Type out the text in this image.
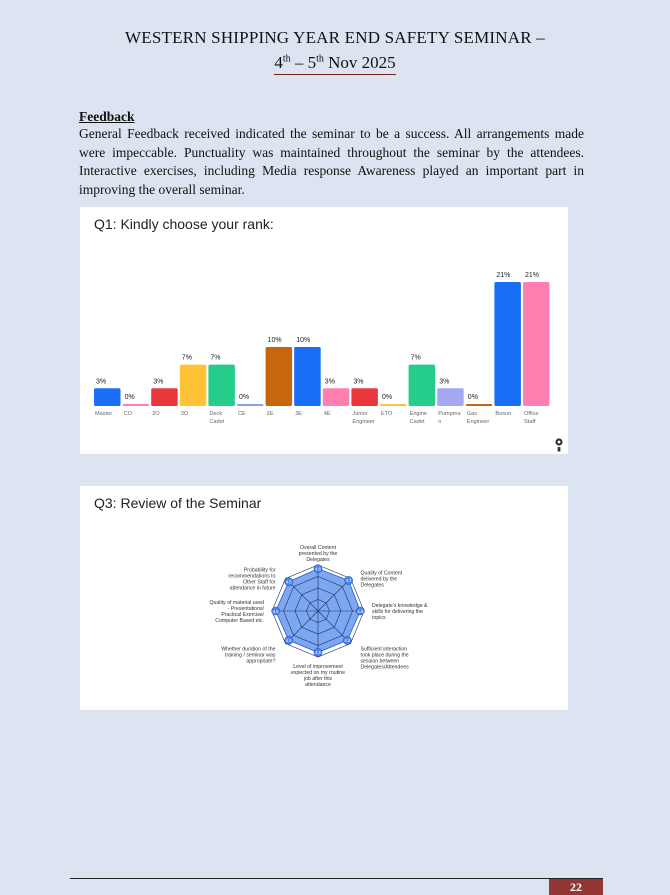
WESTERN SHIPPING YEAR END SAFETY SEMINAR –
4th – 5th Nov 2025
Feedback
General Feedback received indicated the seminar to be a success. All arrangements made were impeccable. Punctuality was maintained throughout the seminar by the attendees. Interactive exercises, including Media response Awareness played an important part in improving the overall seminar.
Q1: Kindly choose your rank:
3%
Master
0%
CO
3%
2O
7%
3O
7%
Deck
Cadet
0%
CE
10%
2E
10%
3E
3%
4E
3%
Junior
Engineer
0%
ETO
7%
Engine
Cadet
3%
Pumpma
n
0%
Gas
Engineer
21%
Bosun
21%
Office
Staff
Q3: Review of the Seminar
4.6
4.7
4.6
4.5
4.5
4.5
4.6
4.5
Overall Content
presented by the
Delegates
Quality of Content
delivered by the
Delegates
Delegate's knowledge &
skills for delivering the
topics
Sufficient interaction
took place during the
session between
Delegates/Attendees
Level of improvement
expected on my routine
job after this
attendance
Whether duration of the
training / seminar was
appropriate?
Quality of material used
- Presentations/
Practical Exercise/
Computer Based etc.
Probability for
recommendations to
Other Staff for
attendance in future
22
